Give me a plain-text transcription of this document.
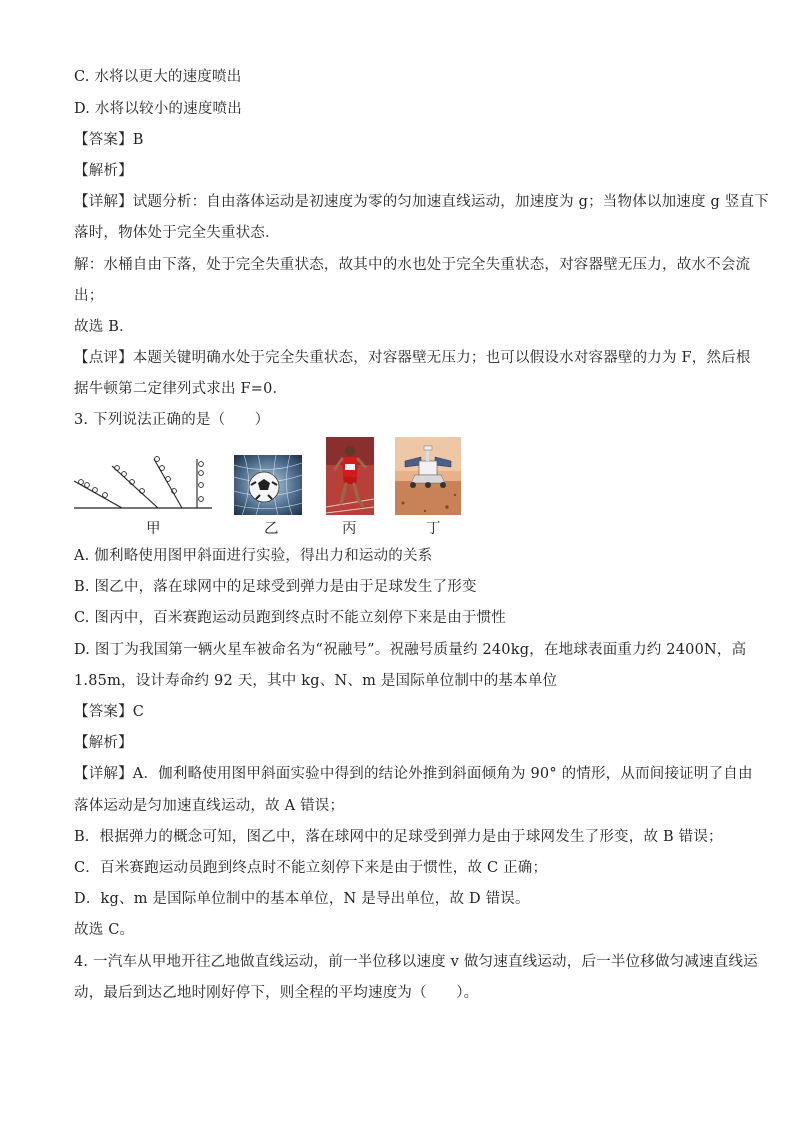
C. 水将以更大的速度喷出
D. 水将以较小的速度喷出
【答案】B
【解析】
【详解】试题分析：自由落体运动是初速度为零的匀加速直线运动，加速度为 g；当物体以加速度 g 竖直下
落时，物体处于完全失重状态．
解：水桶自由下落，处于完全失重状态，故其中的水也处于完全失重状态，对容器壁无压力，故水不会流
出；
故选 B．
【点评】本题关键明确水处于完全失重状态，对容器壁无压力；也可以假设水对容器壁的力为 F，然后根
据牛顿第二定律列式求出 F=0．
3. 下列说法正确的是（　　）
甲	乙	丙	丁
A. 伽利略使用图甲斜面进行实验，得出力和运动的关系
B. 图乙中，落在球网中的足球受到弹力是由于足球发生了形变
C. 图丙中，百米赛跑运动员跑到终点时不能立刻停下来是由于惯性
D. 图丁为我国第一辆火星车被命名为“祝融号”。祝融号质量约 240kg，在地球表面重力约 2400N，高
1.85m，设计寿命约 92 天，其中 kg、N、m 是国际单位制中的基本单位
【答案】C
【解析】
【详解】A．伽利略使用图甲斜面实验中得到的结论外推到斜面倾角为 90° 的情形，从而间接证明了自由
落体运动是匀加速直线运动，故 A 错误；
B．根据弹力的概念可知，图乙中，落在球网中的足球受到弹力是由于球网发生了形变，故 B 错误；
C．百米赛跑运动员跑到终点时不能立刻停下来是由于惯性，故 C 正确；
D．kg、m 是国际单位制中的基本单位，N 是导出单位，故 D 错误。
故选 C。
4. 一汽车从甲地开往乙地做直线运动，前一半位移以速度 v 做匀速直线运动，后一半位移做匀减速直线运
动，最后到达乙地时刚好停下，则全程的平均速度为（　　）。
